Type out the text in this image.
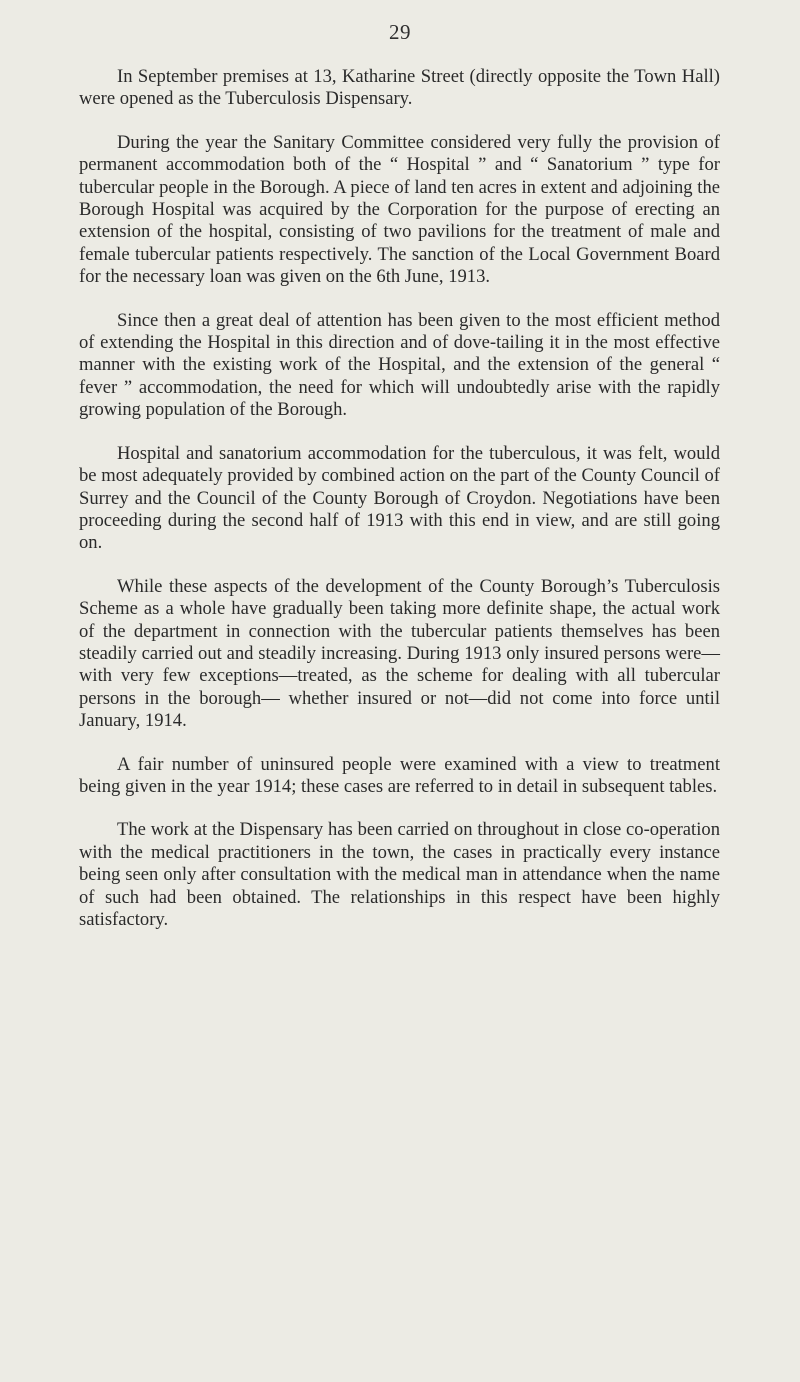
29

In September premises at 13, Katharine Street (directly opposite the Town Hall) were opened as the Tuberculosis Dispensary.

During the year the Sanitary Committee considered very fully the provision of permanent accommodation both of the “ Hospital ” and “ Sanatorium ” type for tubercular people in the Borough. A piece of land ten acres in extent and adjoining the Borough Hospital was acquired by the Corporation for the purpose of erecting an extension of the hospital, consisting of two pavilions for the treatment of male and female tubercular patients respectively. The sanction of the Local Government Board for the necessary loan was given on the 6th June, 1913.

Since then a great deal of attention has been given to the most efficient method of extending the Hospital in this direction and of dove-tailing it in the most effective manner with the existing work of the Hospital, and the extension of the general “ fever ” accommodation, the need for which will undoubtedly arise with the rapidly growing population of the Borough.

Hospital and sanatorium accommodation for the tuberculous, it was felt, would be most adequately provided by combined action on the part of the County Council of Surrey and the Council of the County Borough of Croydon. Negotiations have been proceeding during the second half of 1913 with this end in view, and are still going on.

While these aspects of the development of the County Borough’s Tuberculosis Scheme as a whole have gradually been taking more definite shape, the actual work of the department in connection with the tubercular patients themselves has been steadily carried out and steadily increasing. During 1913 only insured persons were—with very few exceptions—treated, as the scheme for dealing with all tubercular persons in the borough— whether insured or not—did not come into force until January, 1914.

A fair number of uninsured people were examined with a view to treatment being given in the year 1914; these cases are referred to in detail in subsequent tables.

The work at the Dispensary has been carried on throughout in close co-operation with the medical practitioners in the town, the cases in practically every instance being seen only after consultation with the medical man in attendance when the name of such had been obtained. The relationships in this respect have been highly satisfactory.
